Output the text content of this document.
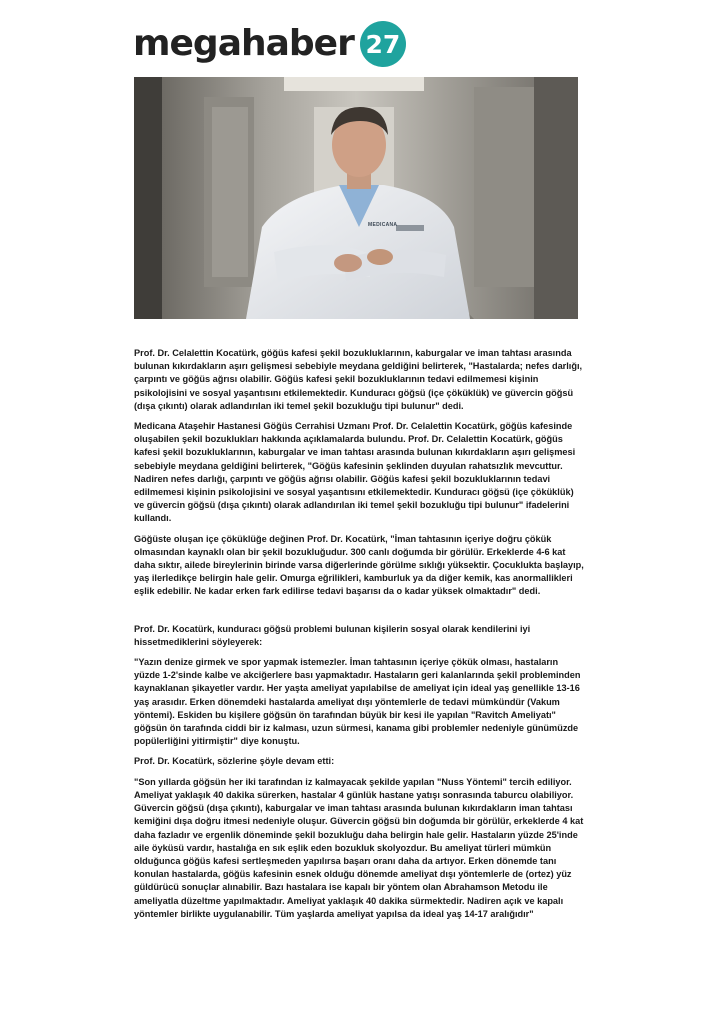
megahaber 27
MEDICANA

Prof. Dr. Celalettin Kocatürk, göğüs kafesi şekil bozukluklarının, kaburgalar ve iman tahtası arasında bulunan kıkırdakların aşırı gelişmesi sebebiyle meydana geldiğini belirterek, "Hastalarda; nefes darlığı, çarpıntı ve göğüs ağrısı olabilir. Göğüs kafesi şekil bozukluklarının tedavi edilmemesi kişinin psikolojisini ve sosyal yaşantısını etkilemektedir. Kunduracı göğsü (içe çöküklük) ve güvercin göğsü (dışa çıkıntı) olarak adlandırılan iki temel şekil bozukluğu tipi bulunur" dedi.

Medicana Ataşehir Hastanesi Göğüs Cerrahisi Uzmanı Prof. Dr. Celalettin Kocatürk, göğüs kafesinde oluşabilen şekil bozuklukları hakkında açıklamalarda bulundu. Prof. Dr. Celalettin Kocatürk, göğüs kafesi şekil bozukluklarının, kaburgalar ve iman tahtası arasında bulunan kıkırdakların aşırı gelişmesi sebebiyle meydana geldiğini belirterek, "Göğüs kafesinin şeklinden duyulan rahatsızlık mevcuttur. Nadiren nefes darlığı, çarpıntı ve göğüs ağrısı olabilir. Göğüs kafesi şekil bozukluklarının tedavi edilmemesi kişinin psikolojisini ve sosyal yaşantısını etkilemektedir. Kunduracı göğsü (içe çöküklük) ve güvercin göğsü (dışa çıkıntı) olarak adlandırılan iki temel şekil bozukluğu tipi bulunur" ifadelerini kullandı.

Göğüste oluşan içe çöküklüğe değinen Prof. Dr. Kocatürk, "İman tahtasının içeriye doğru çökük olmasından kaynaklı olan bir şekil bozukluğudur. 300 canlı doğumda bir görülür. Erkeklerde 4-6 kat daha sıktır, ailede bireylerinin birinde varsa diğerlerinde görülme sıklığı yüksektir. Çocuklukta başlayıp, yaş ilerledikçe belirgin hale gelir. Omurga eğrilikleri, kamburluk ya da diğer kemik, kas anormallikleri eşlik edebilir. Ne kadar erken fark edilirse tedavi başarısı da o kadar yüksek olmaktadır" dedi.

Prof. Dr. Kocatürk, kunduracı göğsü problemi bulunan kişilerin sosyal olarak kendilerini iyi hissetmediklerini söyleyerek:

"Yazın denize girmek ve spor yapmak istemezler. İman tahtasının içeriye çökük olması, hastaların yüzde 1-2'sinde kalbe ve akciğerlere bası yapmaktadır. Hastaların geri kalanlarında şekil probleminden kaynaklanan şikayetler vardır. Her yaşta ameliyat yapılabilse de ameliyat için ideal yaş genellikle 13-16 yaş arasıdır. Erken dönemdeki hastalarda ameliyat dışı yöntemlerle de tedavi mümkündür (Vakum yöntemi). Eskiden bu kişilere göğsün ön tarafından büyük bir kesi ile yapılan "Ravitch Ameliyatı" göğsün ön tarafında ciddi bir iz kalması, uzun sürmesi, kanama gibi problemler nedeniyle günümüzde popülerliğini yitirmiştir" diye konuştu.

Prof. Dr. Kocatürk, sözlerine şöyle devam etti:

"Son yıllarda göğsün her iki tarafından iz kalmayacak şekilde yapılan "Nuss Yöntemi" tercih ediliyor. Ameliyat yaklaşık 40 dakika sürerken, hastalar 4 günlük hastane yatışı sonrasında taburcu olabiliyor. Güvercin göğsü (dışa çıkıntı), kaburgalar ve iman tahtası arasında bulunan kıkırdakların iman tahtası kemiğini dışa doğru itmesi nedeniyle oluşur. Güvercin göğsü bin doğumda bir görülür, erkeklerde 4 kat daha fazladır ve ergenlik döneminde şekil bozukluğu daha belirgin hale gelir. Hastaların yüzde 25'inde aile öyküsü vardır, hastalığa en sık eşlik eden bozukluk skolyozdur. Bu ameliyat türleri mümkün olduğunca göğüs kafesi sertleşmeden yapılırsa başarı oranı daha da artıyor. Erken dönemde tanı konulan hastalarda, göğüs kafesinin esnek olduğu dönemde ameliyat dışı yöntemlerle de (ortez) yüz güldürücü sonuçlar alınabilir. Bazı hastalara ise kapalı bir yöntem olan Abrahamson Metodu ile ameliyatla düzeltme yapılmaktadır. Ameliyat yaklaşık 40 dakika sürmektedir. Nadiren açık ve kapalı yöntemler birlikte uygulanabilir. Tüm yaşlarda ameliyat yapılsa da ideal yaş 14-17 aralığıdır"
